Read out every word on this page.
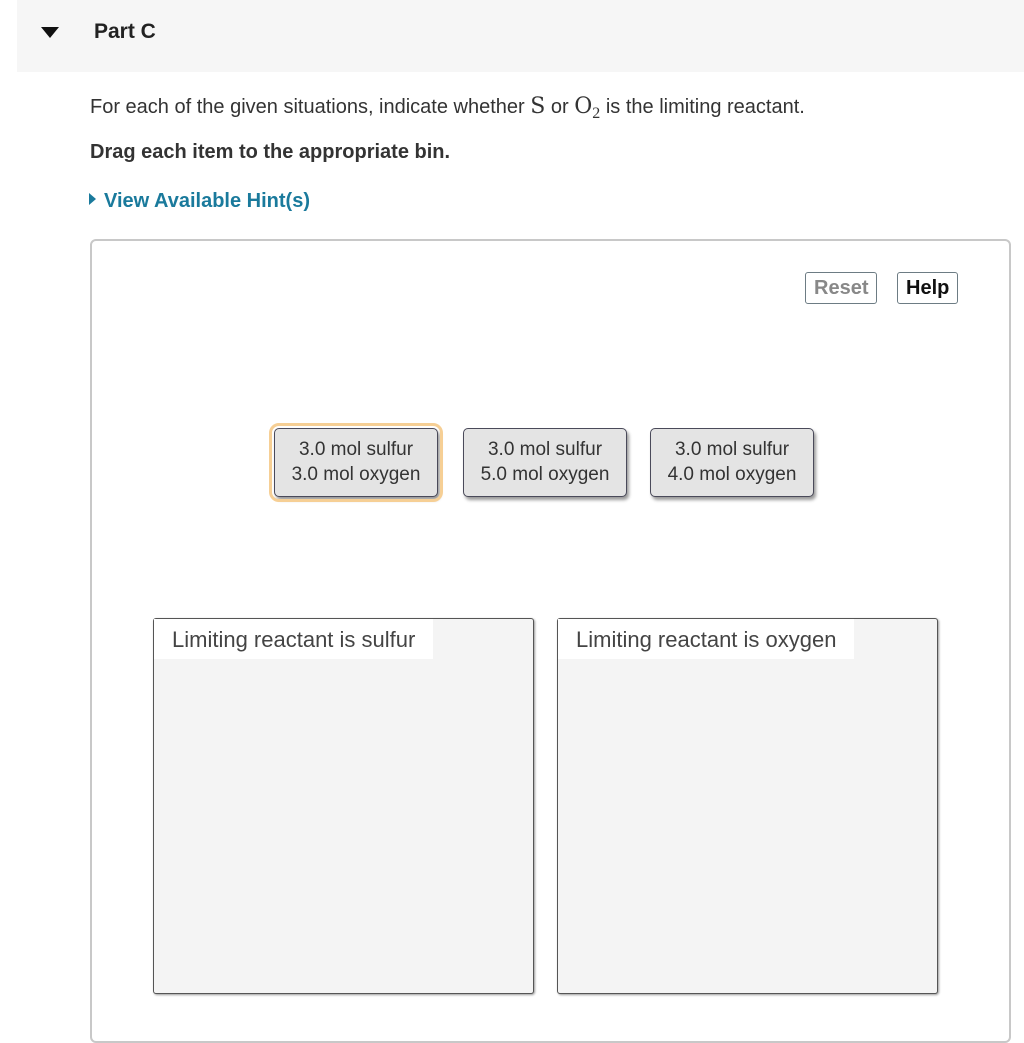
Part C
For each of the given situations, indicate whether S or $O_2$ is the limiting reactant.
Drag each item to the appropriate bin.
View Available Hint(s)
Reset	Help
3.0 mol sulfur
3.0 mol oxygen
3.0 mol sulfur
5.0 mol oxygen
3.0 mol sulfur
4.0 mol oxygen
Limiting reactant is sulfur	Limiting reactant is oxygen
